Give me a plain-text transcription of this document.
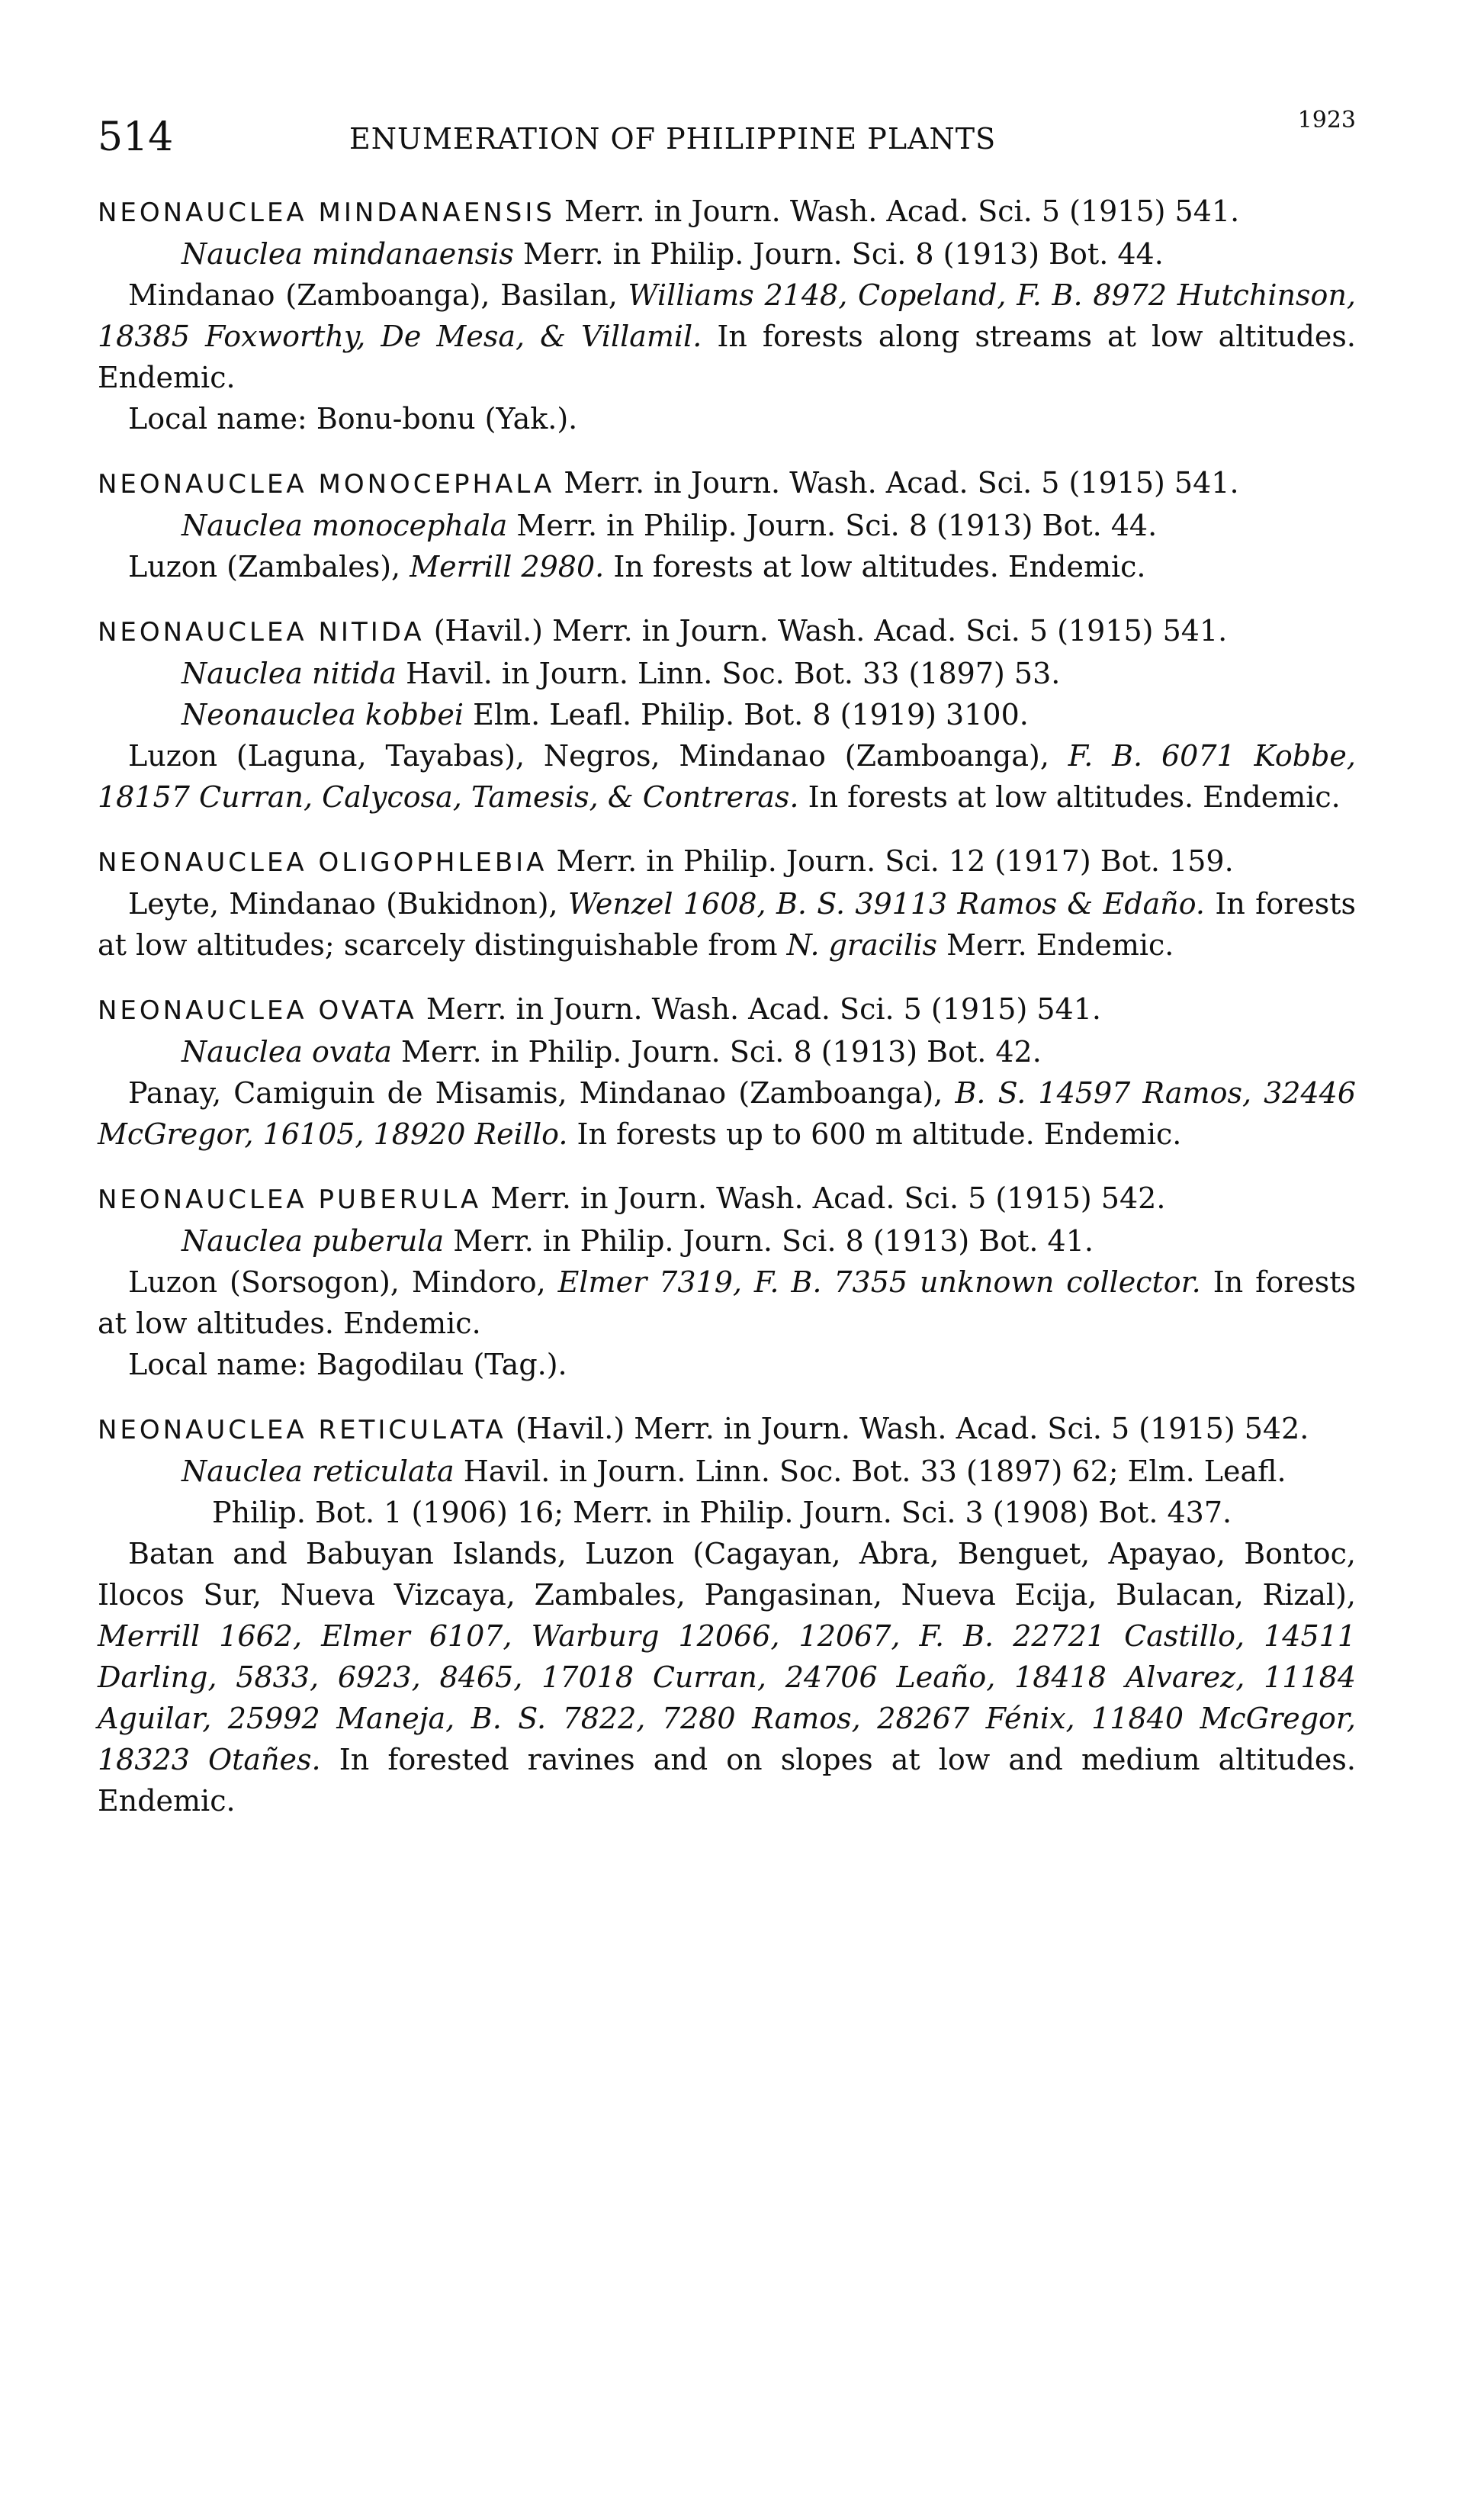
514	ENUMERATION OF PHILIPPINE PLANTS
1923

NEONAUCLEA MINDANAENSIS Merr. in Journ. Wash. Acad. Sci. 5 (1915) 541.

Nauclea mindanaensis Merr. in Philip. Journ. Sci. 8 (1913) Bot. 44.

Mindanao (Zamboanga), Basilan, Williams 2148, Copeland, F. B. 8972 Hutchinson, 18385 Foxworthy, De Mesa, & Villamil. In forests along streams at low altitudes. Endemic.

Local name: Bonu-bonu (Yak.).

NEONAUCLEA MONOCEPHALA Merr. in Journ. Wash. Acad. Sci. 5 (1915) 541.

Nauclea monocephala Merr. in Philip. Journ. Sci. 8 (1913) Bot. 44.

Luzon (Zambales), Merrill 2980. In forests at low altitudes. Endemic.

NEONAUCLEA NITIDA (Havil.) Merr. in Journ. Wash. Acad. Sci. 5 (1915) 541.

Nauclea nitida Havil. in Journ. Linn. Soc. Bot. 33 (1897) 53.

Neonauclea kobbei Elm. Leafl. Philip. Bot. 8 (1919) 3100.

Luzon (Laguna, Tayabas), Negros, Mindanao (Zamboanga), F. B. 6071 Kobbe, 18157 Curran, Calycosa, Tamesis, & Contreras. In forests at low altitudes. Endemic.

NEONAUCLEA OLIGOPHLEBIA Merr. in Philip. Journ. Sci. 12 (1917) Bot. 159.

Leyte, Mindanao (Bukidnon), Wenzel 1608, B. S. 39113 Ramos & Edaño. In forests at low altitudes; scarcely distinguishable from N. gracilis Merr. Endemic.

NEONAUCLEA OVATA Merr. in Journ. Wash. Acad. Sci. 5 (1915) 541.

Nauclea ovata Merr. in Philip. Journ. Sci. 8 (1913) Bot. 42.

Panay, Camiguin de Misamis, Mindanao (Zamboanga), B. S. 14597 Ramos, 32446 McGregor, 16105, 18920 Reillo. In forests up to 600 m altitude. Endemic.

NEONAUCLEA PUBERULA Merr. in Journ. Wash. Acad. Sci. 5 (1915) 542.

Nauclea puberula Merr. in Philip. Journ. Sci. 8 (1913) Bot. 41.

Luzon (Sorsogon), Mindoro, Elmer 7319, F. B. 7355 unknown collector. In forests at low altitudes. Endemic.

Local name: Bagodilau (Tag.).

NEONAUCLEA RETICULATA (Havil.) Merr. in Journ. Wash. Acad. Sci. 5 (1915) 542.

Nauclea reticulata Havil. in Journ. Linn. Soc. Bot. 33 (1897) 62; Elm. Leafl. Philip. Bot. 1 (1906) 16; Merr. in Philip. Journ. Sci. 3 (1908) Bot. 437.

Batan and Babuyan Islands, Luzon (Cagayan, Abra, Benguet, Apayao, Bontoc, Ilocos Sur, Nueva Vizcaya, Zambales, Pangasinan, Nueva Ecija, Bulacan, Rizal), Merrill 1662, Elmer 6107, Warburg 12066, 12067, F. B. 22721 Castillo, 14511 Darling, 5833, 6923, 8465, 17018 Curran, 24706 Leaño, 18418 Alvarez, 11184 Aguilar, 25992 Maneja, B. S. 7822, 7280 Ramos, 28267 Fénix, 11840 McGregor, 18323 Otañes. In forested ravines and on slopes at low and medium altitudes. Endemic.
